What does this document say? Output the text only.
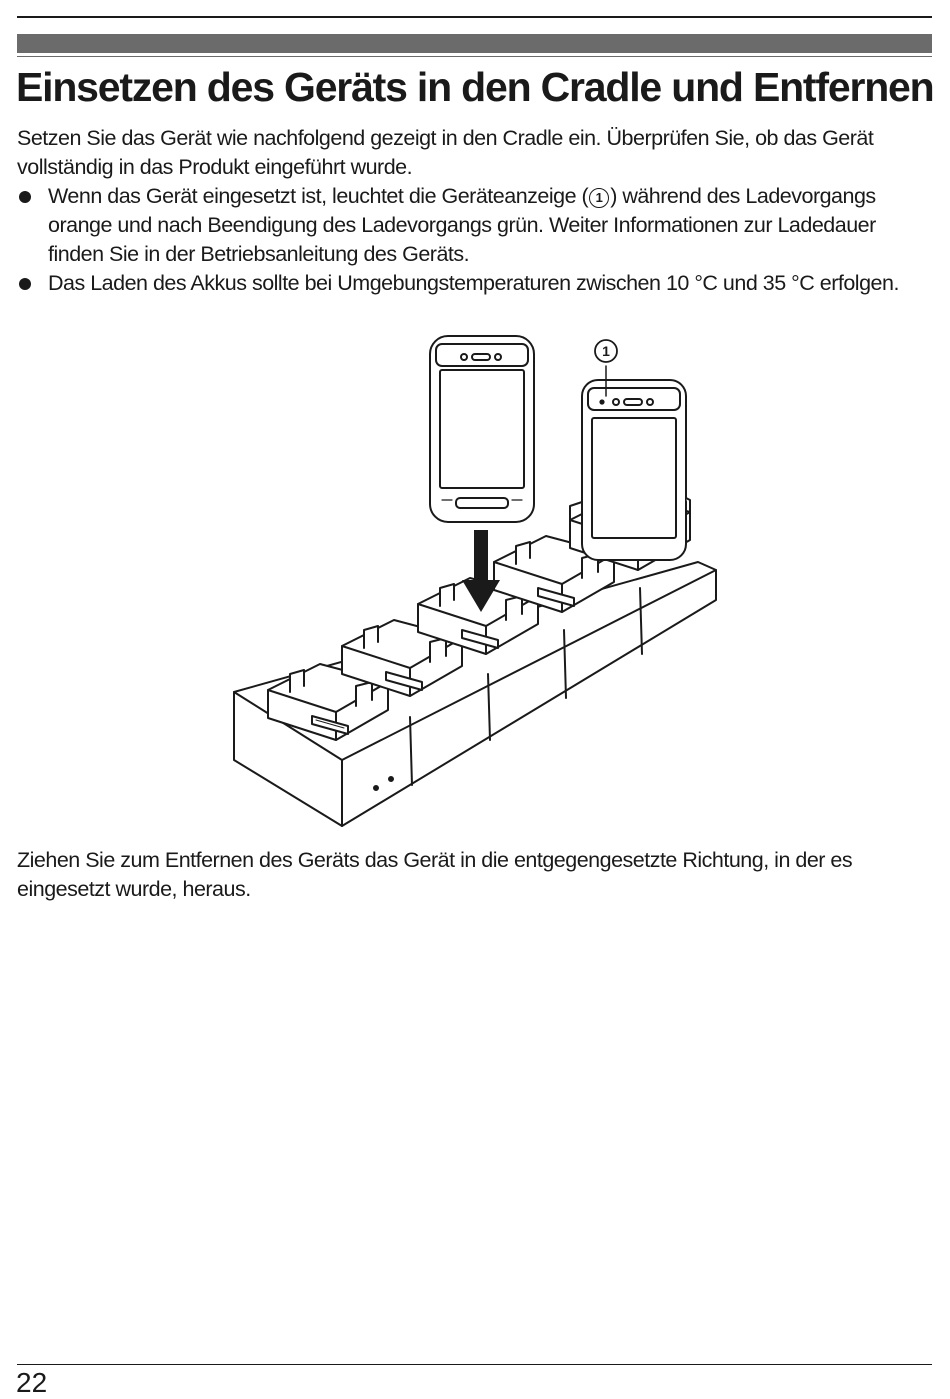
Einsetzen des Geräts in den Cradle und Entfernen

Setzen Sie das Gerät wie nachfolgend gezeigt in den Cradle ein. Überprüfen Sie, ob das Gerät vollständig in das Produkt eingeführt wurde.

Wenn das Gerät eingesetzt ist, leuchtet die Geräteanzeige ( 1 ) während des Ladevorgangs orange und nach Beendigung des Ladevorgangs grün. Weiter Informationen zur Ladedauer finden Sie in der Betriebsanleitung des Geräts.
Das Laden des Akkus sollte bei Umgebungstemperaturen zwischen 10 °C und 35 °C erfolgen.
1

Ziehen Sie zum Entfernen des Geräts das Gerät in die entgegengesetzte Richtung, in der es eingesetzt wurde, heraus.

22
